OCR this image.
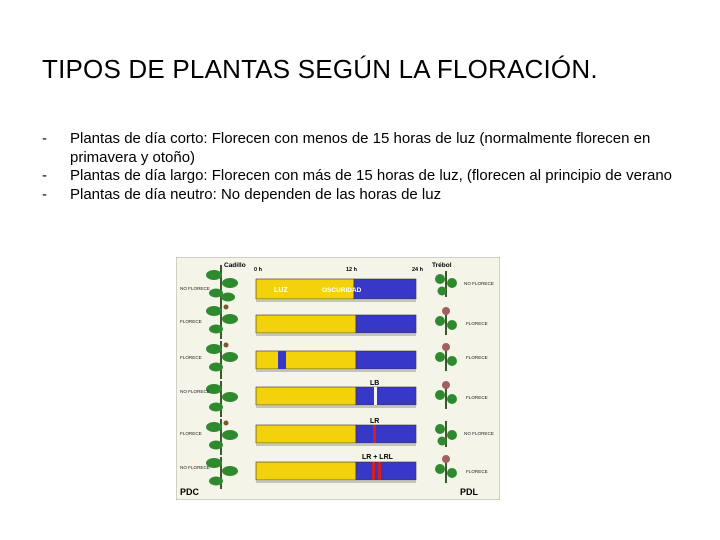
TIPOS DE PLANTAS SEGÚN LA FLORACIÓN.
- Plantas de día corto: Florecen con menos de 15 horas de luz (normalmente florecen en primavera y otoño)
- Plantas de día largo: Florecen con más de 15 horas de luz, (florecen al principio de verano
- Plantas de día neutro: No dependen de las horas de luz
Cadillo
PDC
NO FLORECE
FLORECE
FLORECE
NO FLORECE
FLORECE
NO FLORECE
0 h	12 h	24 h
LUZ	OSCURIDAD
LB
LR
LR + LRL
Trébol
PDL
NO FLORECE
FLORECE
FLORECE
FLORECE
NO FLORECE
FLORECE
